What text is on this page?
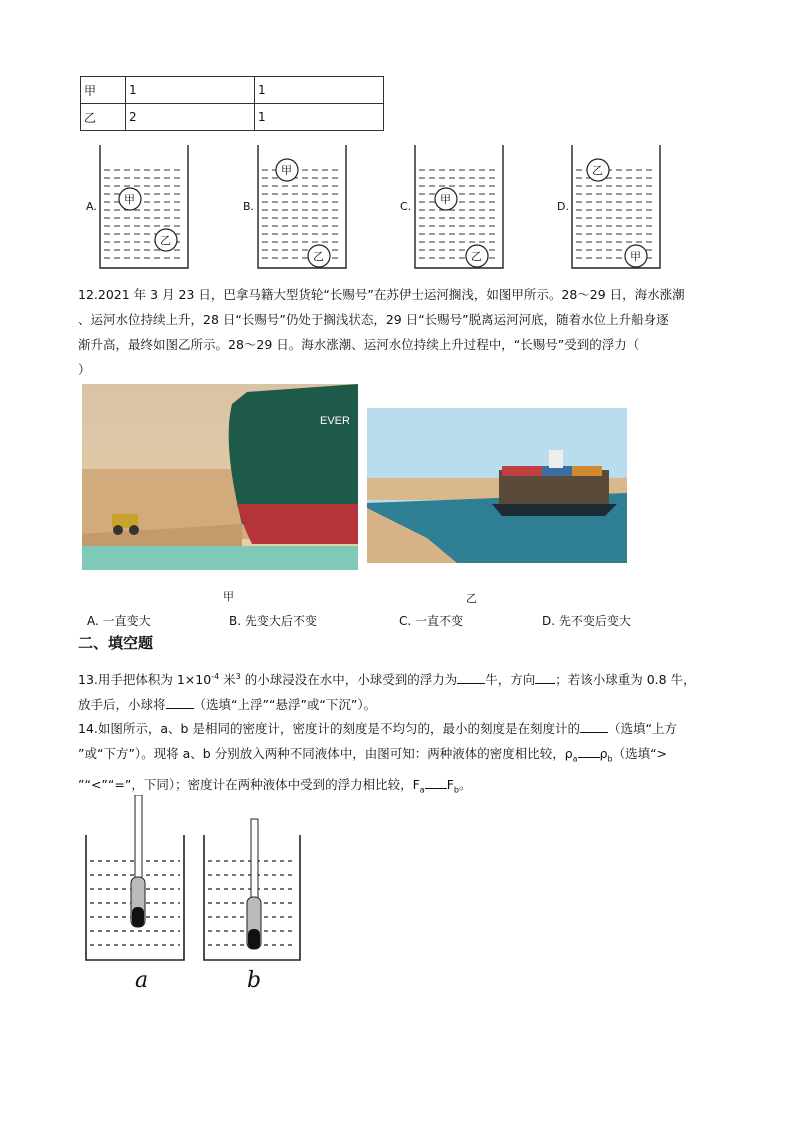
甲	1	1
乙	2	1
甲
乙
A.
甲
乙
B.
甲
乙
C.
乙
甲
D.
12.2021 年 3 月 23 日，巴拿马籍大型货轮“长赐号”在苏伊士运河搁浅，如图甲所示。28～29 日，海水涨潮
、运河水位持续上升，28 日“长赐号”仍处于搁浅状态，29 日“长赐号”脱离运河河底，随着水位上升船身逐
渐升高，最终如图乙所示。28～29 日。海水涨潮、运河水位持续上升过程中，“长赐号”受到的浮力（
）
EVER
甲	乙
A. 一直变大	B. 先变大后不变	C. 一直不变	D. 先不变后变大
二、填空题
13.用手把体积为 $1\times 10^{-4}$ 米$^3$ 的小球浸没在水中，小球受到的浮力为 牛，方向 ；若该小球重为 0.8 牛，
放手后，小球将 （选填“上浮”“悬浮”或“下沉”）。
14.如图所示，a、b 是相同的密度计，密度计的刻度是不均匀的，最小的刻度是在刻度计的 （选填“上方
”或“下方”）。现将 a、b 分别放入两种不同液体中，由图可知：两种液体的密度相比较，$\rho_a$ $\rho_b$（选填“>
”“<”“=”，下同）；密度计在两种液体中受到的浮力相比较，$F_a$ $F_b$。
a	b
